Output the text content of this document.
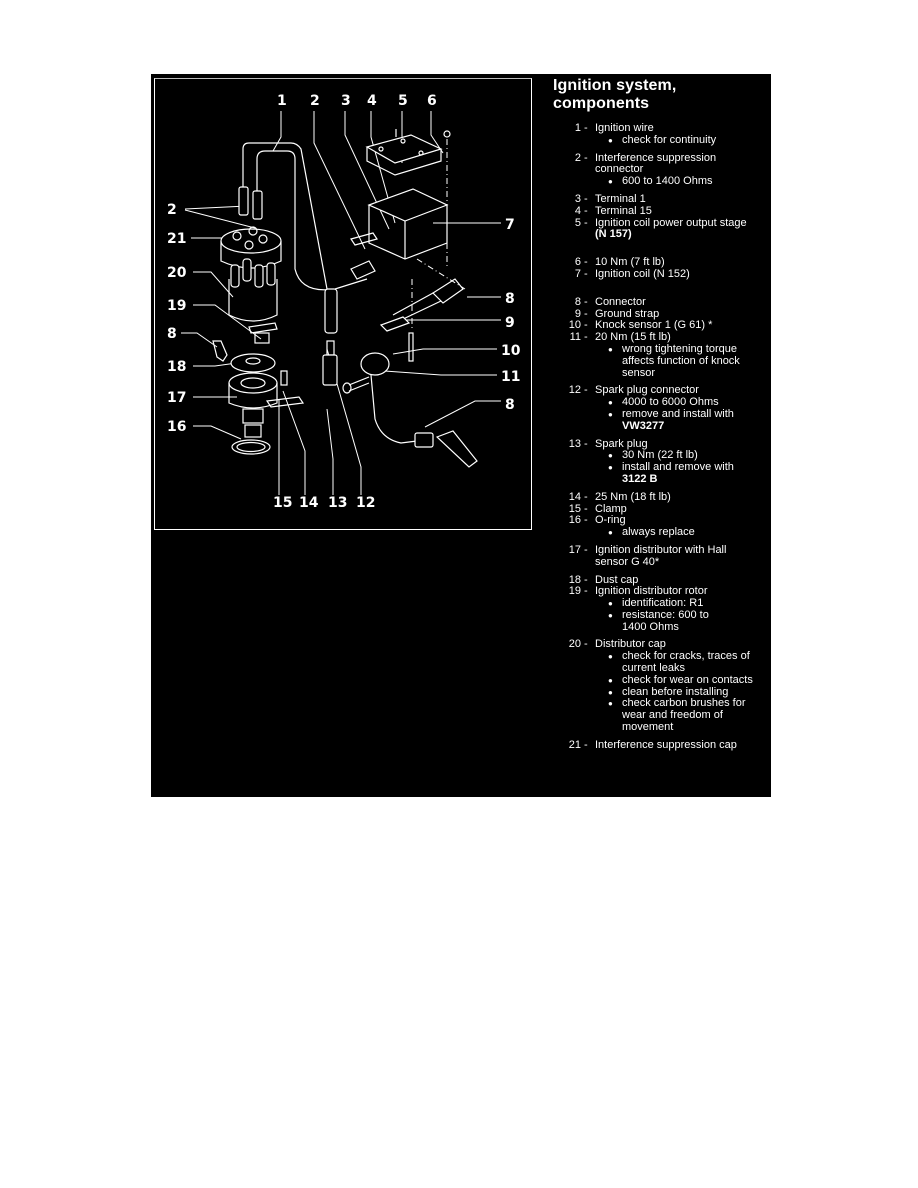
1 2 3 4 5 6
2
21
20
19
8
18
17
16
7
8
9
10
11
8
15 14 13 12
Ignition system,
components
1 - Ignition wire
● check for continuity
2 - Interference suppression connector
● 600 to 1400 Ohms
3 - Terminal 1
4 - Terminal 15
5 - Ignition coil power output stage
(N 157)
6 - 10 Nm (7 ft lb)
7 - Ignition coil (N 152)
8 - Connector
9 - Ground strap
10 - Knock sensor 1 (G 61) *
11 - 20 Nm (15 ft lb)
● wrong tightening torque affects function of knock sensor
12 - Spark plug connector
● 4000 to 6000 Ohms
● remove and install with
VW3277
13 - Spark plug
● 30 Nm (22 ft lb)
● install and remove with
3122 B
14 - 25 Nm (18 ft lb)
15 - Clamp
16 - O-ring
● always replace
17 - Ignition distributor with Hall sensor G 40*
18 - Dust cap
19 - Ignition distributor rotor
● identification: R1
● resistance: 600 to 1400 Ohms
20 - Distributor cap
● check for cracks, traces of current leaks
● check for wear on contacts
● clean before installing
● check carbon brushes for wear and freedom of movement
21 - Interference suppression cap
